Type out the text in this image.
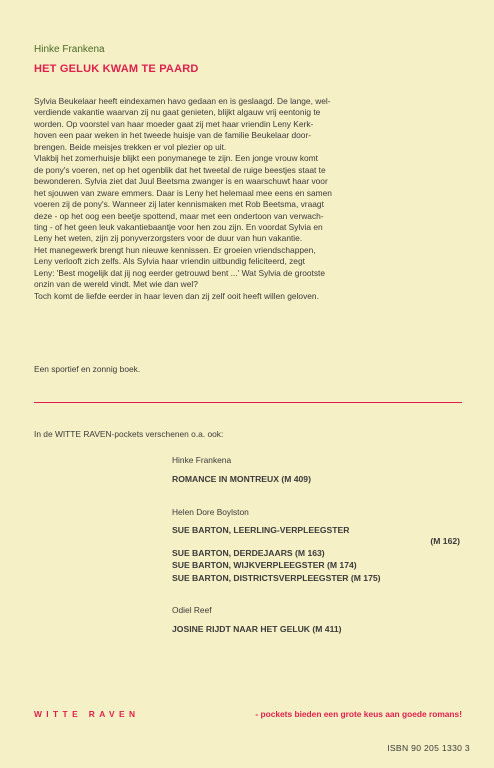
Hinke Frankena
HET GELUK KWAM TE PAARD

Sylvia Beukelaar heeft eindexamen havo gedaan en is geslaagd. De lange, wel-
verdiende vakantie waarvan zij nu gaat genieten, blijkt algauw vrij eentonig te
worden. Op voorstel van haar moeder gaat zij met haar vriendin Leny Kerk-
hoven een paar weken in het tweede huisje van de familie Beukelaar door-
brengen. Beide meisjes trekken er vol plezier op uit.
Vlakbij het zomerhuisje blijkt een ponymanege te zijn. Een jonge vrouw komt
de pony's voeren, net op het ogenblik dat het tweetal de ruige beestjes staat te
bewonderen. Sylvia ziet dat Juul Beetsma zwanger is en waarschuwt haar voor
het sjouwen van zware emmers. Daar is Leny het helemaal mee eens en samen
voeren zij de pony's. Wanneer zij later kennismaken met Rob Beetsma, vraagt
deze - op het oog een beetje spottend, maar met een ondertoon van verwach-
ting - of het geen leuk vakantiebaantje voor hen zou zijn. En voordat Sylvia en
Leny het weten, zijn zij ponyverzorgsters voor de duur van hun vakantie.
Het manegewerk brengt hun nieuwe kennissen. Er groeien vriendschappen,
Leny verlooft zich zelfs. Als Sylvia haar vriendin uitbundig feliciteerd, zegt
Leny: 'Best mogelijk dat jij nog eerder getrouwd bent ...' Wat Sylvia de grootste
onzin van de wereld vindt. Met wie dan wel?
Toch komt de liefde eerder in haar leven dan zij zelf ooit heeft willen geloven.

Een sportief en zonnig boek.
In de WITTE RAVEN-pockets verschenen o.a. ook:
Hinke Frankena
ROMANCE IN MONTREUX (M 409)
Helen Dore Boylston
SUE BARTON, LEERLING-VERPLEEGSTER
(M 162)
SUE BARTON, DERDEJAARS (M 163)
SUE BARTON, WIJKVERPLEEGSTER (M 174)
SUE BARTON, DISTRICTSVERPLEEGSTER (M 175)
Odiel Reef
JOSINE RIJDT NAAR HET GELUK (M 411)
WITTE RAVEN	- pockets bieden een grote keus aan goede romans!
ISBN 90 205 1330 3
